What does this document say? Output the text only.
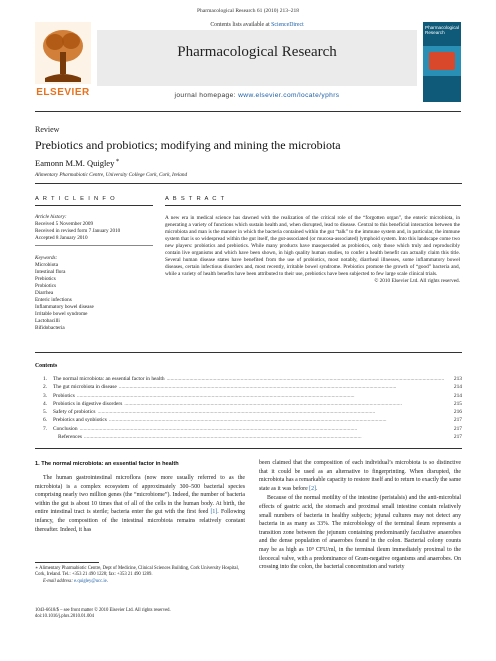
Pharmacological Research 61 (2010) 213–218
ELSEVIER
Contents lists available at ScienceDirect
Pharmacological Research
journal homepage: www.elsevier.com/locate/yphrs
Pharmacological Research
Review
Prebiotics and probiotics; modifying and mining the microbiota
Eamonn M.M. Quigley∗
Alimentary Pharmabiotic Centre, University College Cork, Cork, Ireland
A R T I C L E I N F O	A B S T R A C T
Article history:
Received 5 November 2009
Received in revised form 7 January 2010
Accepted 8 January 2010
Keywords:
Microbiota
Intestinal flora
Prebiotics
Probiotics
Diarrhea
Enteric infections
Inflammatory bowel disease
Irritable bowel syndrome
Lactobacilli
Bifidobacteria
A new era in medical science has dawned with the realization of the critical role of the “forgotten organ”, the enteric microbiota, in generating a variety of functions which sustain health and, when disrupted, lead to disease. Central to this beneficial interaction between the microbiota and man is the manner in which the bacteria contained within the gut “talk” to the immune system and, in particular, the immune system that is so widespread within the gut itself, the gut-associated (or mucosa-associated) lymphoid system. Into this landscape come two new players: probiotics and prebiotics. While many products have masqueraded as probiotics, only those which truly and reproducibly contain live organisms and which have been shown, in high quality human studies, to confer a health benefit can actually claim this title. Several human disease states have benefited from the use of probiotics, most notably, diarrheal illnesses, some inflammatory bowel diseases, certain infectious disorders and, most recently, irritable bowel syndrome. Prebiotics promote the growth of “good” bacteria and, while a variety of health benefits have been attributed to their use, prebiotics have been subjected to few large scale clinical trials.
© 2010 Elsevier Ltd. All rights reserved.
Contents
1. The normal microbiota: an essential factor in health ..............................................................................................................................................................................................................	213
2. The gut microbiota in disease ..............................................................................................................................................................................................................	214
3. Probiotics ..............................................................................................................................................................................................................	214
4. Probiotics in digestive disorders ..............................................................................................................................................................................................................	215
5. Safety of probiotics ..............................................................................................................................................................................................................	216
6. Prebiotics and synbiotics ..............................................................................................................................................................................................................	217
7. Conclusion ..............................................................................................................................................................................................................	217
References ..............................................................................................................................................................................................................	217
1. The normal microbiota: an essential factor in health

The human gastrointestinal microflora (now more usually referred to as the microbiota) is a complex ecosystem of approximately 300–500 bacterial species comprising nearly two million genes (the “microbiome”). Indeed, the number of bacteria within the gut is about 10 times that of all of the cells in the human body. At birth, the entire intestinal tract is sterile; bacteria enter the gut with the first feed [1]. Following infancy, the composition of the intestinal microbiota remains relatively constant thereafter. Indeed, it has

been claimed that the composition of each individual’s microbiota is so distinctive that it could be used as an alternative to fingerprinting. When disrupted, the microbiota has a remarkable capacity to restore itself and to return to exactly the same state as it was before [2].

Because of the normal motility of the intestine (peristalsis) and the anti-microbial effects of gastric acid, the stomach and proximal small intestine contain relatively small numbers of bacteria in healthy subjects; jejunal cultures may not detect any bacteria in as many as 33%. The microbiology of the terminal ileum represents a transition zone between the jejunum containing predominantly facultative anaerobes and the dense population of anaerobes found in the colon. Bacterial colony counts may be as high as 10⁹ CFU/ml, in the terminal ileum immediately proximal to the ileocecal valve, with a predominance of Gram-negative organisms and anaerobes. On crossing into the colon, the bacterial concentration and variety

∗ Alimentary Pharmabiotic Centre, Dept of Medicine, Clinical Sciences Building, Cork University Hospital, Cork, Ireland. Tel.: +353 21 490 1228; fax: +353 21 490 1289.
E-mail address: e.quigley@ucc.ie.
1043-6618/$ – see front matter © 2010 Elsevier Ltd. All rights reserved.
doi:10.1016/j.phrs.2010.01.004
